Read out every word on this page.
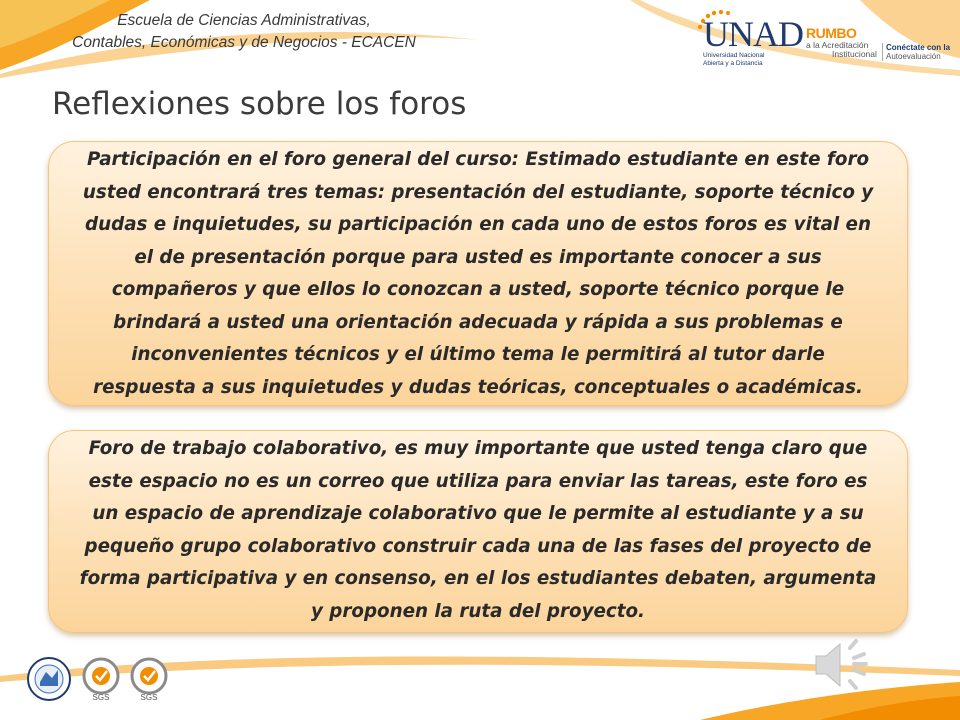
Escuela de Ciencias Administrativas,
Contables, Económicas y de Negocios - ECACEN	UNAD
Universidad Nacional Abierta y a Distancia
RUMBO
a la Acreditación
Institucional
Conéctate con la
Autoevaluación
Reflexiones sobre los foros
Participación en el foro general del curso: Estimado estudiante en este foro usted encontrará tres temas: presentación del estudiante, soporte técnico y dudas e inquietudes, su participación en cada uno de estos foros es vital en el de presentación porque para usted es importante conocer a sus compañeros y que ellos lo conozcan a usted, soporte técnico porque le brindará a usted una orientación adecuada y rápida a sus problemas e inconvenientes técnicos y el último tema le permitirá al tutor darle respuesta a sus inquietudes y dudas teóricas, conceptuales o académicas.
Foro de trabajo colaborativo, es muy importante que usted tenga claro que este espacio no es un correo que utiliza para enviar las tareas, este foro es un espacio de aprendizaje colaborativo que le permite al estudiante y a su pequeño grupo colaborativo construir cada una de las fases del proyecto de forma participativa y en consenso, en el los estudiantes debaten, argumenta y proponen la ruta del proyecto.
SGS	SGS
